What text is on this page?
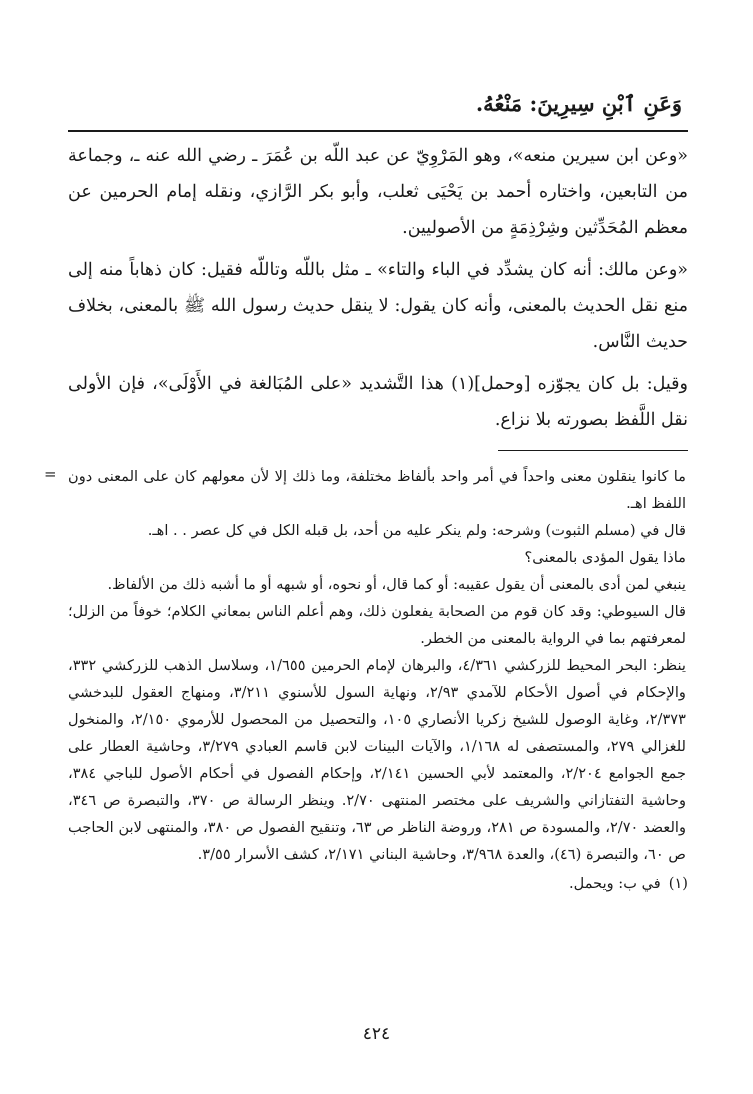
وَعَنِ ٱبْنِ سِيرِينَ: مَنْعُهُ.

«وعن ابن سيرين منعه»، وهو المَرْوِيّ عن عبد اللّه بن عُمَرَ ـ رضي الله عنه ـ، وجماعة من التابعين، واختاره أحمد بن يَحْيَى ثعلب، وأبو بكر الرَّازي، ونقله إمام الحرمين عن معظم المُحَدِّثين وشِرْذِمَةٍ من الأصوليين.

«وعن مالك: أنه كان يشدِّد في الباء والتاء» ـ مثل باللّه وتاللّه فقيل: كان ذهاباً منه إلى منع نقل الحديث بالمعنى، وأنه كان يقول: لا ينقل حديث رسول الله ﷺ بالمعنى، بخلاف حديث النَّاس.

وقيل: بل كان يجوّزه [وحمل](١) هذا التَّشديد «على المُبَالغة في الأَوْلَى»، فإن الأولى نقل اللَّفظ بصورته بلا نزاع.

= ما كانوا ينقلون معنى واحداً في أمر واحد بألفاظ مختلفة، وما ذلك إلا لأن معولهم كان على المعنى دون اللفظ اهـ.

قال في (مسلم الثبوت) وشرحه: ولم ينكر عليه من أحد، بل قبله الكل في كل عصر . . اهـ.

ماذا يقول المؤدى بالمعنى؟

ينبغي لمن أدى بالمعنى أن يقول عقيبه: أو كما قال، أو نحوه، أو شبهه أو ما أشبه ذلك من الألفاظ.

قال السيوطي: وقد كان قوم من الصحابة يفعلون ذلك، وهم أعلم الناس بمعاني الكلام؛ خوفاً من الزلل؛ لمعرفتهم بما في الرواية بالمعنى من الخطر.

ينظر: البحر المحيط للزركشي ٤/٣٦١، والبرهان لإمام الحرمين ١/٦٥٥، وسلاسل الذهب للزركشي ٣٣٢، والإحكام في أصول الأحكام للآمدي ٢/٩٣، ونهاية السول للأسنوي ٣/٢١١، ومنهاج العقول للبدخشي ٢/٣٧٣، وغاية الوصول للشيخ زكريا الأنصاري ١٠٥، والتحصيل من المحصول للأرموي ٢/١٥٠، والمنخول للغزالي ٢٧٩، والمستصفى له ١/١٦٨، والآيات البينات لابن قاسم العبادي ٣/٢٧٩، وحاشية العطار على جمع الجوامع ٢/٢٠٤، والمعتمد لأبي الحسين ٢/١٤١، وإحكام الفصول في أحكام الأصول للباجي ٣٨٤، وحاشية التفتازاني والشريف على مختصر المنتهى ٢/٧٠. وينظر الرسالة ص ٣٧٠، والتبصرة ص ٣٤٦، والعضد ٢/٧٠، والمسودة ص ٢٨١، وروضة الناظر ص ٦٣، وتنقيح الفصول ص ٣٨٠، والمنتهى لابن الحاجب ص ٦٠، والتبصرة (٤٦)، والعدة ٣/٩٦٨، وحاشية البناني ٢/١٧١، كشف الأسرار ٣/٥٥.

(١)
في ب: ويحمل.
٤٢٤
